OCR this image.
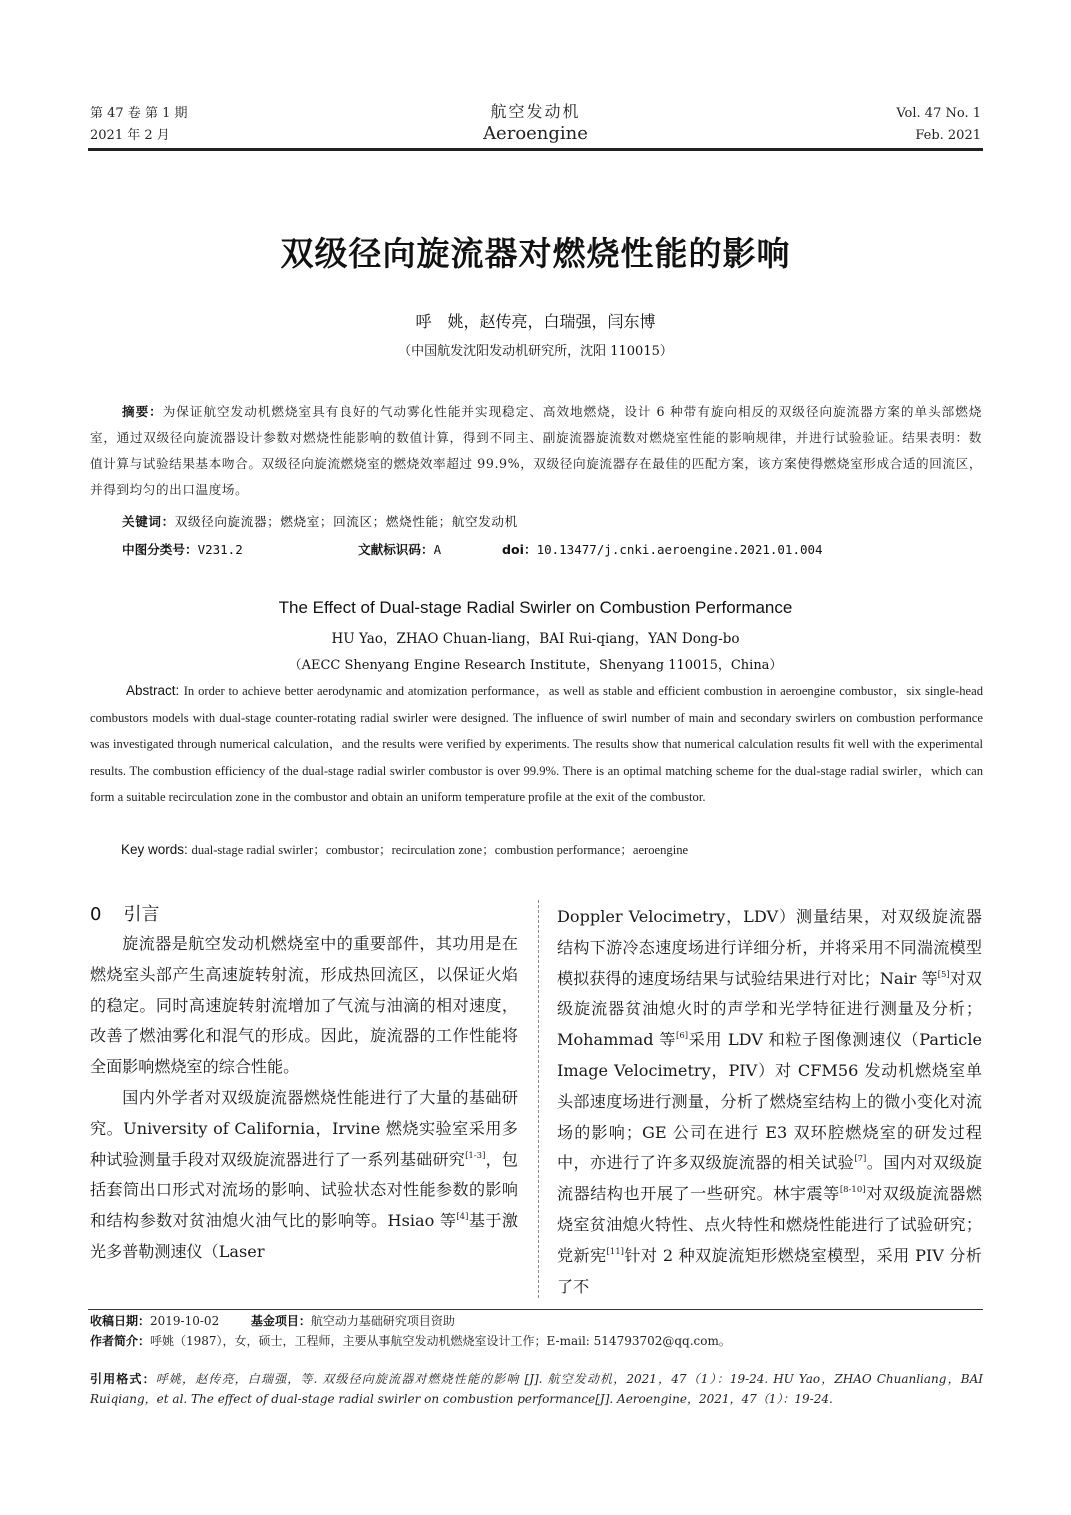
第 47 卷 第 1 期
2021 年 2 月
航空发动机
Aeroengine
Vol. 47 No. 1
Feb. 2021
双级径向旋流器对燃烧性能的影响
呼　姚，赵传亮，白瑞强，闫东博
（中国航发沈阳发动机研究所，沈阳 110015）

摘要：为保证航空发动机燃烧室具有良好的气动雾化性能并实现稳定、高效地燃烧，设计 6 种带有旋向相反的双级径向旋流器方案的单头部燃烧室，通过双级径向旋流器设计参数对燃烧性能影响的数值计算，得到不同主、副旋流器旋流数对燃烧室性能的影响规律，并进行试验验证。结果表明：数值计算与试验结果基本吻合。双级径向旋流燃烧室的燃烧效率超过 99.9%，双级径向旋流器存在最佳的匹配方案，该方案使得燃烧室形成合适的回流区，并得到均匀的出口温度场。

关键词：双级径向旋流器；燃烧室；回流区；燃烧性能；航空发动机
中图分类号：V231.2	文献标识码：A	doi：10.13477/j.cnki.aeroengine.2021.01.004
The Effect of Dual-stage Radial Swirler on Combustion Performance
HU Yao，ZHAO Chuan-liang，BAI Rui-qiang，YAN Dong-bo
（AECC Shenyang Engine Research Institute，Shenyang 110015，China）

Abstract: In order to achieve better aerodynamic and atomization performance，as well as stable and efficient combustion in aeroengine combustor，six single-head combustors models with dual-stage counter-rotating radial swirler were designed. The influence of swirl number of main and secondary swirlers on combustion performance was investigated through numerical calculation，and the results were verified by experiments. The results show that numerical calculation results fit well with the experimental results. The combustion efficiency of the dual-stage radial swirler combustor is over 99.9%. There is an optimal matching scheme for the dual-stage radial swirler，which can form a suitable recirculation zone in the combustor and obtain an uniform temperature profile at the exit of the combustor.

Key words: dual-stage radial swirler；combustor；recirculation zone；combustion performance；aeroengine
0 引言

旋流器是航空发动机燃烧室中的重要部件，其功用是在燃烧室头部产生高速旋转射流，形成热回流区，以保证火焰的稳定。同时高速旋转射流增加了气流与油滴的相对速度，改善了燃油雾化和混气的形成。因此，旋流器的工作性能将全面影响燃烧室的综合性能。

国内外学者对双级旋流器燃烧性能进行了大量的基础研究。University of California，Irvine 燃烧实验室采用多种试验测量手段对双级旋流器进行了一系列基础研究[1-3]，包括套筒出口形式对流场的影响、试验状态对性能参数的影响和结构参数对贫油熄火油气比的影响等。Hsiao 等[4]基于激光多普勒测速仪（Laser

Doppler Velocimetry，LDV）测量结果，对双级旋流器结构下游冷态速度场进行详细分析，并将采用不同湍流模型模拟获得的速度场结果与试验结果进行对比；Nair 等[5]对双级旋流器贫油熄火时的声学和光学特征进行测量及分析；Mohammad 等[6]采用 LDV 和粒子图像测速仪（Particle Image Velocimetry，PIV）对 CFM56 发动机燃烧室单头部速度场进行测量，分析了燃烧室结构上的微小变化对流场的影响；GE 公司在进行 E3 双环腔燃烧室的研发过程中，亦进行了许多双级旋流器的相关试验[7]。国内对双级旋流器结构也开展了一些研究。林宇震等[8-10]对双级旋流器燃烧室贫油熄火特性、点火特性和燃烧性能进行了试验研究；党新宪[11]针对 2 种双旋流矩形燃烧室模型，采用 PIV 分析了不

收稿日期：2019-10-02	基金项目：航空动力基础研究项目资助
作者简介：呼姚（1987），女，硕士，工程师，主要从事航空发动机燃烧室设计工作；E-mail: 514793702@qq.com。
引用格式：呼姚，赵传亮，白瑞强，等. 双级径向旋流器对燃烧性能的影响 [J]. 航空发动机，2021，47（1）：19-24. HU Yao，ZHAO Chuanliang，BAI Ruiqiang，et al. The effect of dual-stage radial swirler on combustion performance[J]. Aeroengine，2021，47（1）：19-24.
